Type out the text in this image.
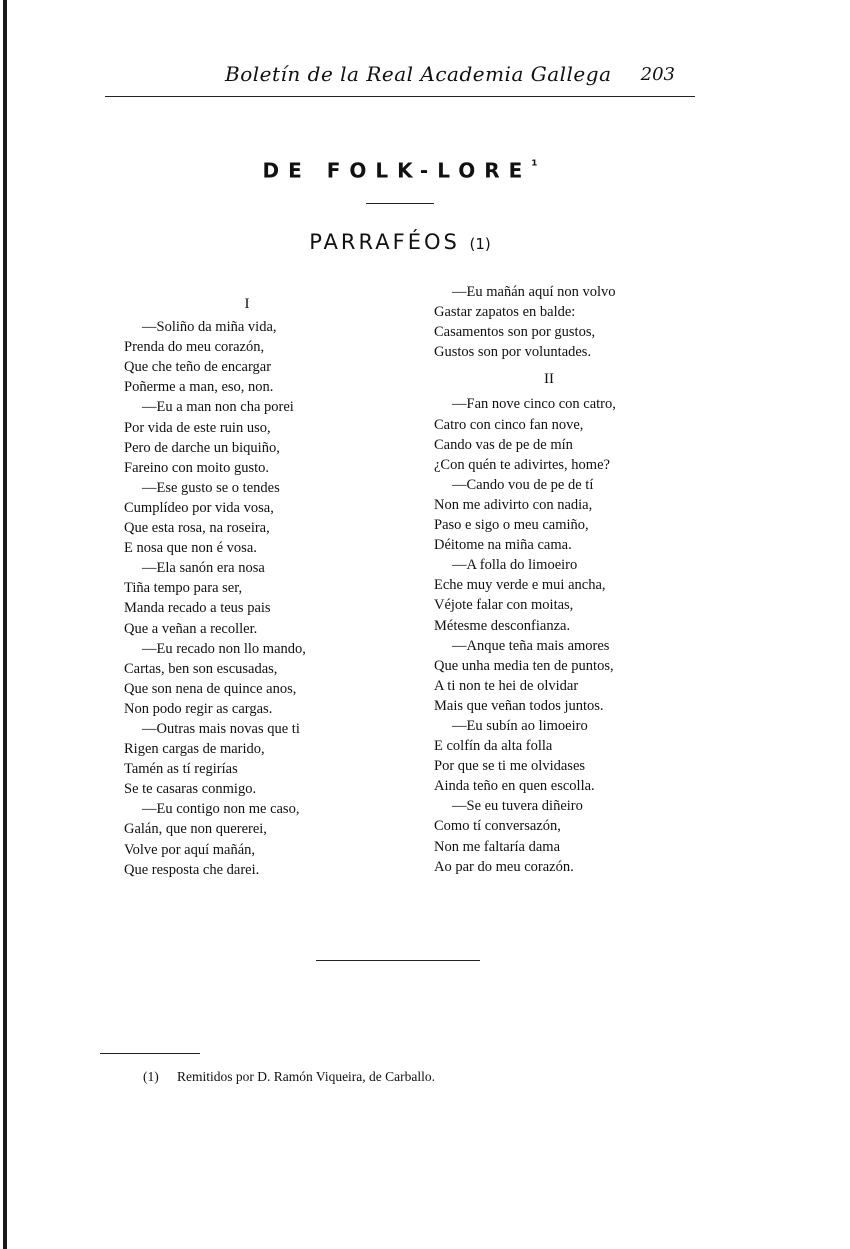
Boletín de la Real Academia Gallega 203
DE FOLK-$LORE^{^1}$
PARRAFÉOS (1)
I
—Soliño da miña vida,
Prenda do meu corazón,
Que che teño de encargar
Poñerme a man, eso, non.
—Eu a man non cha porei
Por vida de este ruin uso,
Pero de darche un biquiño,
Fareino con moito gusto.
—Ese gusto se o tendes
Cumplídeo por vida vosa,
Que esta rosa, na roseira,
E nosa que non é vosa.
—Ela sanón era nosa
Tiña tempo para ser,
Manda recado a teus pais
Que a veñan a recoller.
—Eu recado non llo mando,
Cartas, ben son escusadas,
Que son nena de quince anos,
Non podo regir as cargas.
—Outras mais novas que ti
Rigen cargas de marido,
Tamén as tí regirías
Se te casaras conmigo.
—Eu contigo non me caso,
Galán, que non quererei,
Volve por aquí mañán,
Que resposta che darei.
—Eu mañán aquí non volvo
Gastar zapatos en balde:
Casamentos son por gustos,
Gustos son por voluntades.
II
—Fan nove cinco con catro,
Catro con cinco fan nove,
Cando vas de pe de mín
¿Con quén te adivirtes, home?
—Cando vou de pe de tí
Non me adivirto con nadia,
Paso e sigo o meu camiño,
Déitome na miña cama.
—A folla do limoeiro
Eche muy verde e mui ancha,
Véjote falar con moitas,
Métesme desconfianza.
—Anque teña mais amores
Que unha media ten de puntos,
A ti non te hei de olvidar
Mais que veñan todos juntos.
—Eu subín ao limoeiro
E colfín da alta folla
Por que se ti me olvidases
Ainda teño en quen escolla.
—Se eu tuvera diñeiro
Como tí conversazón,
Non me faltaría dama
Ao par do meu corazón.
(1) Remitidos por D. Ramón Viqueira, de Carballo.
